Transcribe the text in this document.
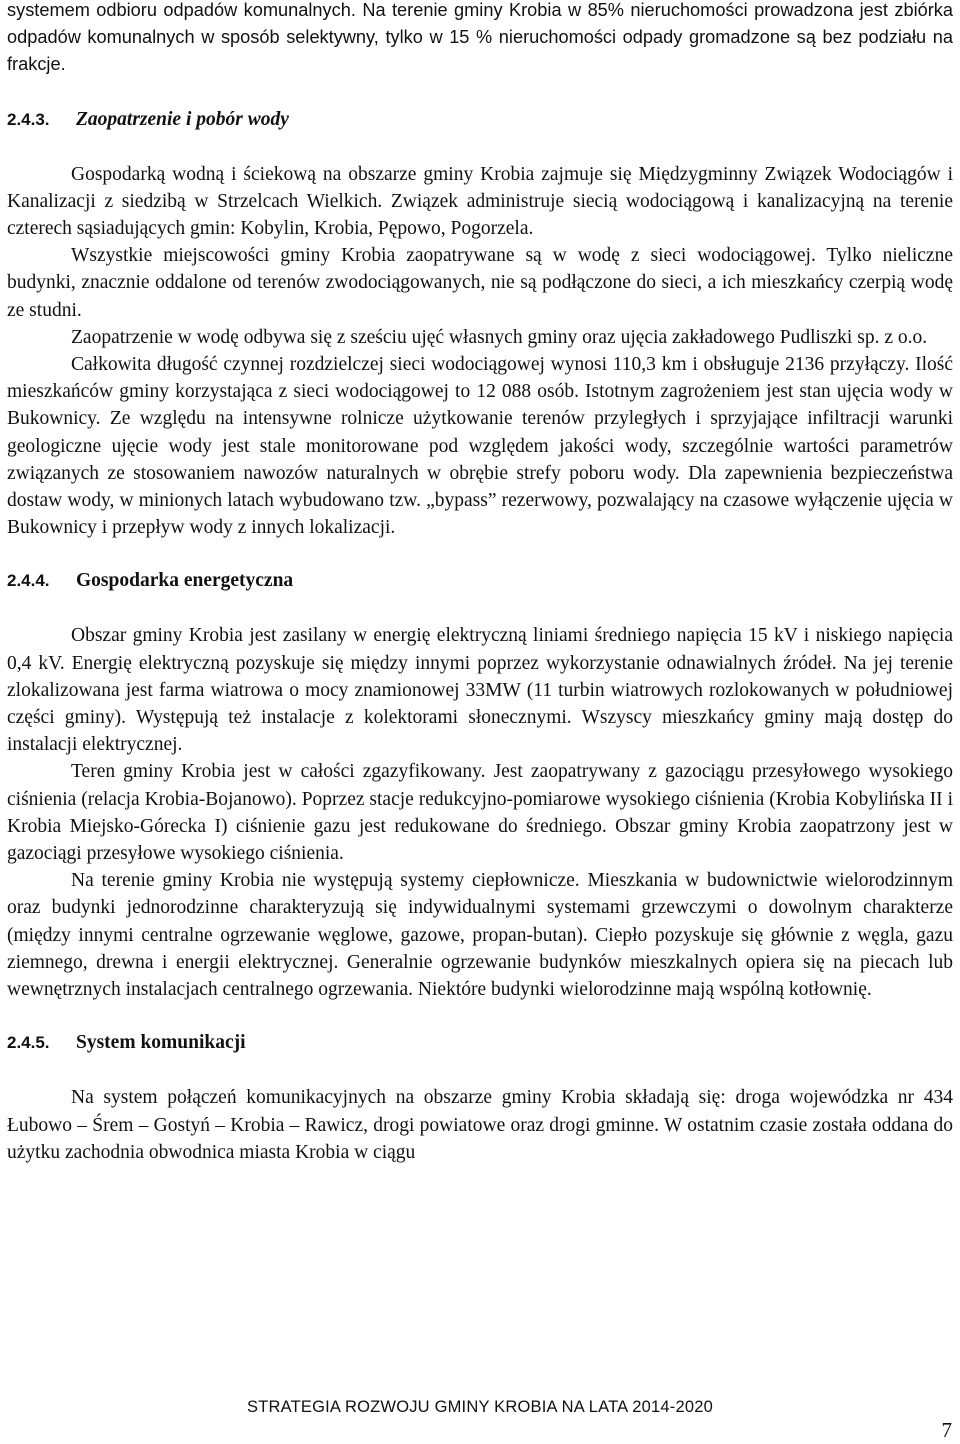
systemem odbioru odpadów komunalnych. Na terenie gminy Krobia w 85% nieruchomości prowadzona jest zbiórka odpadów komunalnych w sposób selektywny, tylko w 15 % nieruchomości odpady gromadzone są bez podziału na frakcje.

2.4.3. Zaopatrzenie i pobór wody

Gospodarką wodną i ściekową na obszarze gminy Krobia zajmuje się Międzygminny Związek Wodociągów i Kanalizacji z siedzibą w Strzelcach Wielkich. Związek administruje siecią wodociągową i kanalizacyjną na terenie czterech sąsiadujących gmin: Kobylin, Krobia, Pępowo, Pogorzela.

Wszystkie miejscowości gminy Krobia zaopatrywane są w wodę z sieci wodociągowej. Tylko nieliczne budynki, znacznie oddalone od terenów zwodociągowanych, nie są podłączone do sieci, a ich mieszkańcy czerpią wodę ze studni.

Zaopatrzenie w wodę odbywa się z sześciu ujęć własnych gminy oraz ujęcia zakładowego Pudliszki sp. z o.o.

Całkowita długość czynnej rozdzielczej sieci wodociągowej wynosi 110,3 km i obsługuje 2136 przyłączy. Ilość mieszkańców gminy korzystająca z sieci wodociągowej to 12 088 osób. Istotnym zagrożeniem jest stan ujęcia wody w Bukownicy. Ze względu na intensywne rolnicze użytkowanie terenów przyległych i sprzyjające infiltracji warunki geologiczne ujęcie wody jest stale monitorowane pod względem jakości wody, szczególnie wartości parametrów związanych ze stosowaniem nawozów naturalnych w obrębie strefy poboru wody. Dla zapewnienia bezpieczeństwa dostaw wody, w minionych latach wybudowano tzw. „bypass” rezerwowy, pozwalający na czasowe wyłączenie ujęcia w Bukownicy i przepływ wody z innych lokalizacji.

2.4.4. Gospodarka energetyczna

Obszar gminy Krobia jest zasilany w energię elektryczną liniami średniego napięcia 15 kV i niskiego napięcia 0,4 kV. Energię elektryczną pozyskuje się między innymi poprzez wykorzystanie odnawialnych źródeł. Na jej terenie zlokalizowana jest farma wiatrowa o mocy znamionowej 33MW (11 turbin wiatrowych rozlokowanych w południowej części gminy). Występują też instalacje z kolektorami słonecznymi. Wszyscy mieszkańcy gminy mają dostęp do instalacji elektrycznej.

Teren gminy Krobia jest w całości zgazyfikowany. Jest zaopatrywany z gazociągu przesyłowego wysokiego ciśnienia (relacja Krobia-Bojanowo). Poprzez stacje redukcyjno-pomiarowe wysokiego ciśnienia (Krobia Kobylińska II i Krobia Miejsko-Górecka I) ciśnienie gazu jest redukowane do średniego. Obszar gminy Krobia zaopatrzony jest w gazociągi przesyłowe wysokiego ciśnienia.

Na terenie gminy Krobia nie występują systemy ciepłownicze. Mieszkania w budownictwie wielorodzinnym oraz budynki jednorodzinne charakteryzują się indywidualnymi systemami grzewczymi o dowolnym charakterze (między innymi centralne ogrzewanie węglowe, gazowe, propan-butan). Ciepło pozyskuje się głównie z węgla, gazu ziemnego, drewna i energii elektrycznej. Generalnie ogrzewanie budynków mieszkalnych opiera się na piecach lub wewnętrznych instalacjach centralnego ogrzewania. Niektóre budynki wielorodzinne mają wspólną kotłownię.

2.4.5. System komunikacji

Na system połączeń komunikacyjnych na obszarze gminy Krobia składają się: droga wojewódzka nr 434 Łubowo – Śrem – Gostyń – Krobia – Rawicz, drogi powiatowe oraz drogi gminne. W ostatnim czasie została oddana do użytku zachodnia obwodnica miasta Krobia w ciągu

STRATEGIA ROZWOJU GMINY KROBIA NA LATA 2014-2020
7
